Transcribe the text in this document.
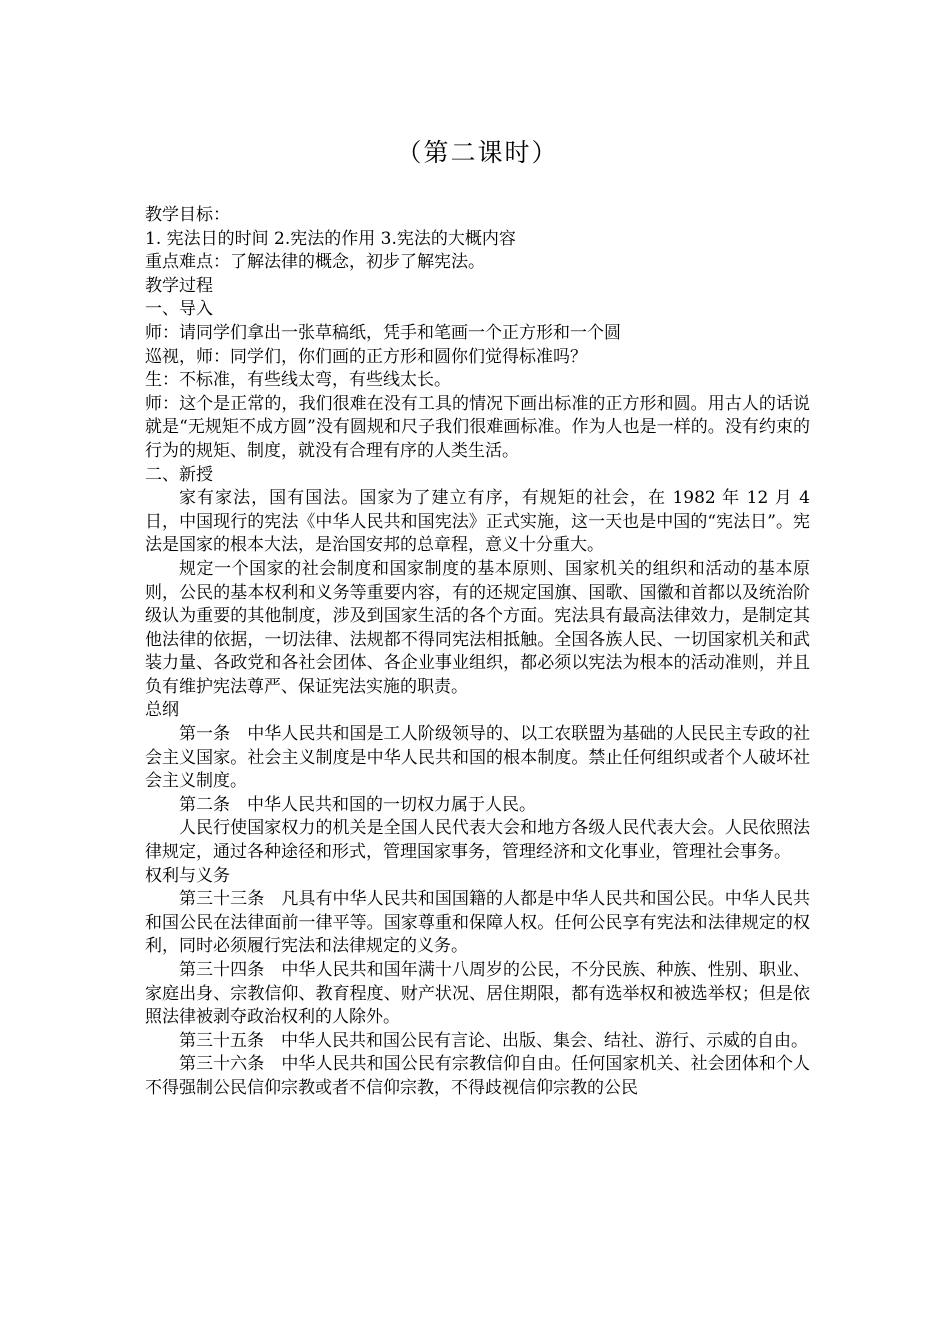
（第二课时）

教学目标：

1. 宪法日的时间 2.宪法的作用 3.宪法的大概内容

重点难点：了解法律的概念，初步了解宪法。

教学过程

一、导入

师：请同学们拿出一张草稿纸，凭手和笔画一个正方形和一个圆

巡视，师：同学们，你们画的正方形和圆你们觉得标准吗？

生：不标准，有些线太弯，有些线太长。

师：这个是正常的，我们很难在没有工具的情况下画出标准的正方形和圆。用古人的话说就是“无规矩不成方圆”没有圆规和尺子我们很难画标准。作为人也是一样的。没有约束的行为的规矩、制度，就没有合理有序的人类生活。

二、新授

家有家法，国有国法。国家为了建立有序，有规矩的社会，在 1982 年 12 月 4 日，中国现行的宪法《中华人民共和国宪法》正式实施，这一天也是中国的“宪法日”。宪法是国家的根本大法，是治国安邦的总章程，意义十分重大。

规定一个国家的社会制度和国家制度的基本原则、国家机关的组织和活动的基本原则，公民的基本权利和义务等重要内容，有的还规定国旗、国歌、国徽和首都以及统治阶级认为重要的其他制度，涉及到国家生活的各个方面。宪法具有最高法律效力，是制定其他法律的依据，一切法律、法规都不得同宪法相抵触。全国各族人民、一切国家机关和武装力量、各政党和各社会团体、各企业事业组织，都必须以宪法为根本的活动准则，并且负有维护宪法尊严、保证宪法实施的职责。

总纲

第一条　中华人民共和国是工人阶级领导的、以工农联盟为基础的人民民主专政的社会主义国家。社会主义制度是中华人民共和国的根本制度。禁止任何组织或者个人破坏社会主义制度。

第二条　中华人民共和国的一切权力属于人民。

人民行使国家权力的机关是全国人民代表大会和地方各级人民代表大会。人民依照法律规定，通过各种途径和形式，管理国家事务，管理经济和文化事业，管理社会事务。

权利与义务

第三十三条　凡具有中华人民共和国国籍的人都是中华人民共和国公民。中华人民共和国公民在法律面前一律平等。国家尊重和保障人权。任何公民享有宪法和法律规定的权利，同时必须履行宪法和法律规定的义务。

第三十四条　中华人民共和国年满十八周岁的公民，不分民族、种族、性别、职业、家庭出身、宗教信仰、教育程度、财产状况、居住期限，都有选举权和被选举权；但是依照法律被剥夺政治权利的人除外。

第三十五条　中华人民共和国公民有言论、出版、集会、结社、游行、示威的自由。

第三十六条　中华人民共和国公民有宗教信仰自由。任何国家机关、社会团体和个人不得强制公民信仰宗教或者不信仰宗教，不得歧视信仰宗教的公民
